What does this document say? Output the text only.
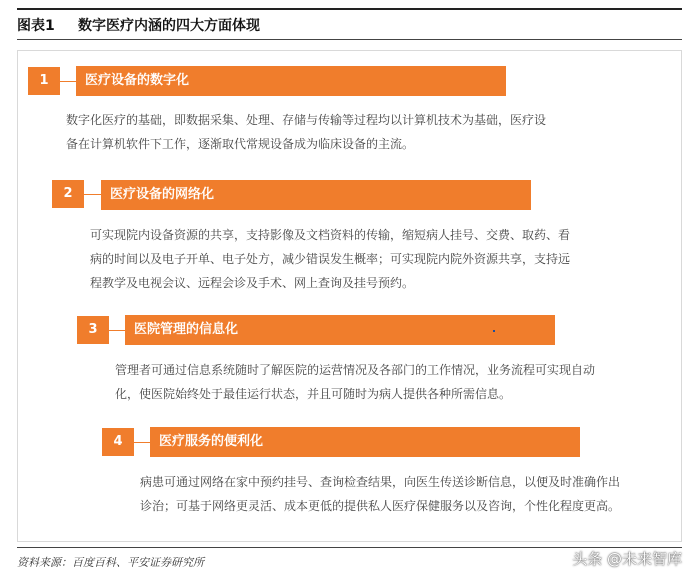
图表1 数字医疗内涵的四大方面体现
1	医疗设备的数字化
数字化医疗的基础，即数据采集、处理、存储与传输等过程均以计算机技术为基础，医疗设
备在计算机软件下工作，逐渐取代常规设备成为临床设备的主流。
2	医疗设备的网络化
可实现院内设备资源的共享，支持影像及文档资料的传输，缩短病人挂号、交费、取药、看
病的时间以及电子开单、电子处方，减少错误发生概率；可实现院内院外资源共享，支持远
程教学及电视会议、远程会诊及手术、网上查询及挂号预约。
3	医院管理的信息化
管理者可通过信息系统随时了解医院的运营情况及各部门的工作情况，业务流程可实现自动
化，使医院始终处于最佳运行状态，并且可随时为病人提供各种所需信息。
4	医疗服务的便利化
病患可通过网络在家中预约挂号、查询检查结果，向医生传送诊断信息，以便及时准确作出
诊治；可基于网络更灵活、成本更低的提供私人医疗保健服务以及咨询，个性化程度更高。
资料来源：百度百科、平安证券研究所	头条 @未来智库
